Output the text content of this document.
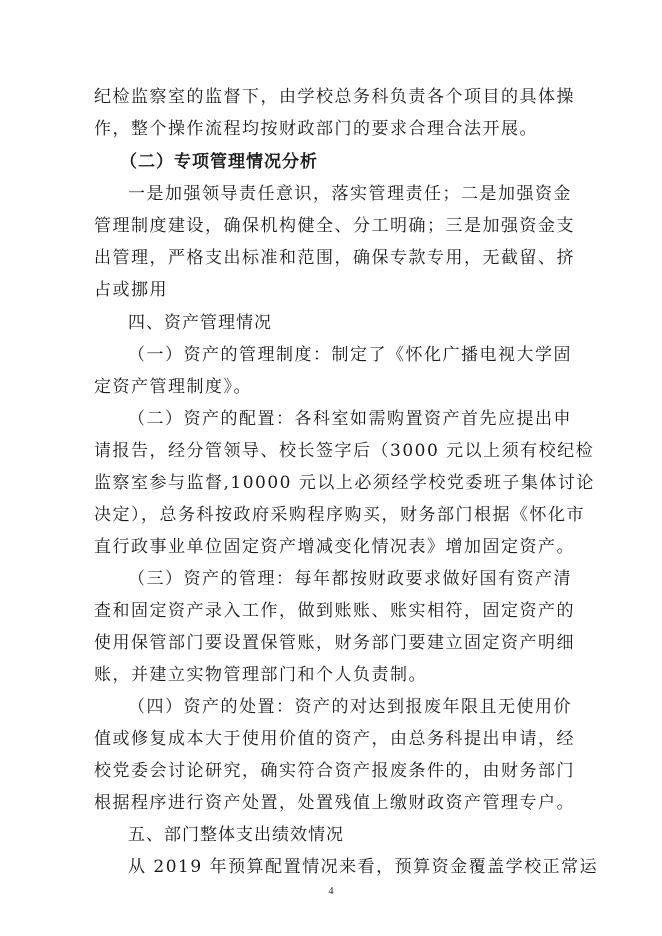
纪检监察室的监督下，由学校总务科负责各个项目的具体操
作，整个操作流程均按财政部门的要求合理合法开展。
（二）专项管理情况分析
一是加强领导责任意识，落实管理责任；二是加强资金
管理制度建设，确保机构健全、分工明确；三是加强资金支
出管理，严格支出标准和范围，确保专款专用，无截留、挤
占或挪用
四、资产管理情况
（一）资产的管理制度：制定了《怀化广播电视大学固
定资产管理制度》。
（二）资产的配置：各科室如需购置资产首先应提出申
请报告，经分管领导、校长签字后（3000 元以上须有校纪检
监察室参与监督,10000 元以上必须经学校党委班子集体讨论
决定），总务科按政府采购程序购买，财务部门根据《怀化市
直行政事业单位固定资产增减变化情况表》增加固定资产。
（三）资产的管理：每年都按财政要求做好国有资产清
查和固定资产录入工作，做到账账、账实相符，固定资产的
使用保管部门要设置保管账，财务部门要建立固定资产明细
账，并建立实物管理部门和个人负责制。
（四）资产的处置：资产的对达到报废年限且无使用价
值或修复成本大于使用价值的资产，由总务科提出申请，经
校党委会讨论研究，确实符合资产报废条件的，由财务部门
根据程序进行资产处置，处置残值上缴财政资产管理专户。
五、部门整体支出绩效情况
从 2019 年预算配置情况来看，预算资金覆盖学校正常运
4
